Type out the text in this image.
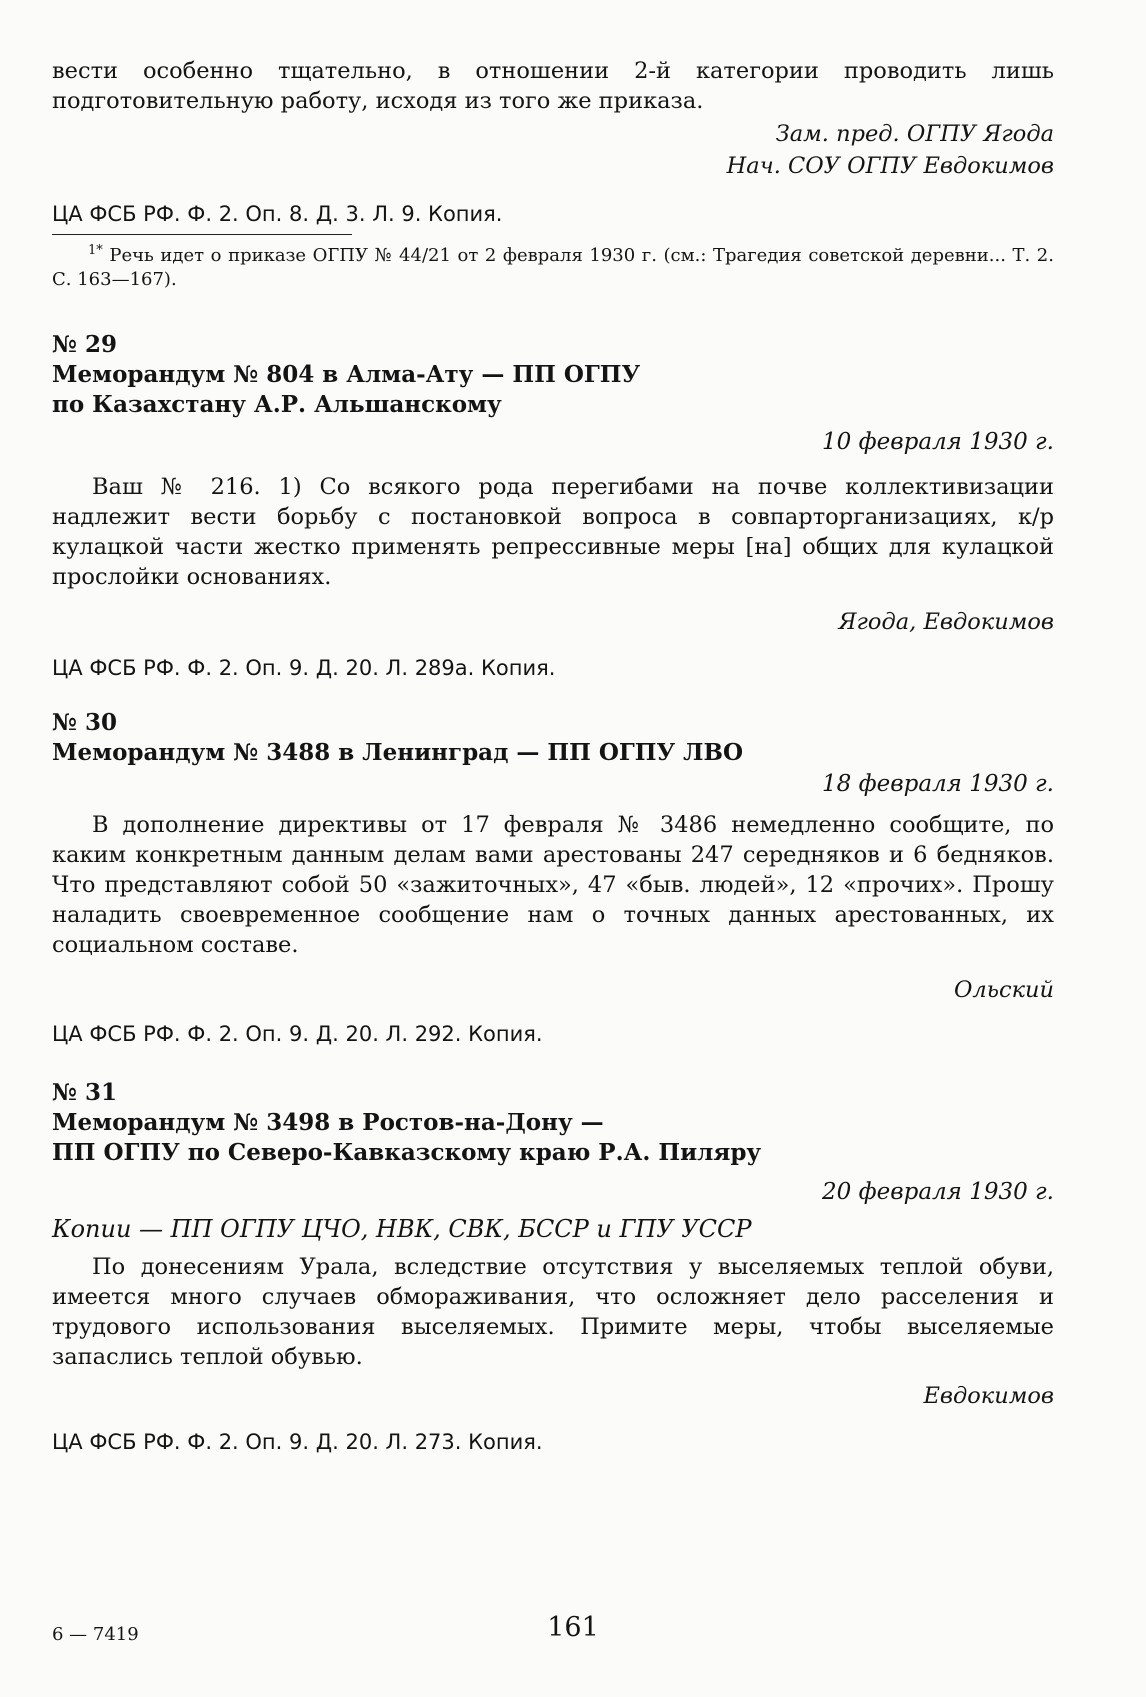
вести особенно тщательно, в отношении 2-й категории проводить лишь подготовительную работу, исходя из того же приказа.

Зам. пред. ОГПУ Ягода
Нач. СОУ ОГПУ Евдокимов
ЦА ФСБ РФ. Ф. 2. Оп. 8. Д. 3. Л. 9. Копия.

$^{1*}$ Речь идет о приказе ОГПУ № 44/21 от 2 февраля 1930 г. (см.: Трагедия советской деревни... Т. 2. С. 163—167).

№ 29
Меморандум № 804 в Алма-Ату — ПП ОГПУ
по Казахстану А.Р. Альшанскому
10 февраля 1930 г.

Ваш № 216. 1) Со всякого рода перегибами на почве коллективизации надлежит вести борьбу с постановкой вопроса в совпарторганизациях, к/р кулацкой части жестко применять репрессивные меры [на] общих для кулацкой прослойки основаниях.

Ягода, Евдокимов
ЦА ФСБ РФ. Ф. 2. Оп. 9. Д. 20. Л. 289а. Копия.
№ 30
Меморандум № 3488 в Ленинград — ПП ОГПУ ЛВО
18 февраля 1930 г.

В дополнение директивы от 17 февраля № 3486 немедленно сообщите, по каким конкретным данным делам вами арестованы 247 середняков и 6 бедняков. Что представляют собой 50 «зажиточных», 47 «быв. людей», 12 «прочих». Прошу наладить своевременное сообщение нам о точных данных арестованных, их социальном составе.

Ольский
ЦА ФСБ РФ. Ф. 2. Оп. 9. Д. 20. Л. 292. Копия.
№ 31
Меморандум № 3498 в Ростов-на-Дону —
ПП ОГПУ по Северо-Кавказскому краю Р.А. Пиляру
20 февраля 1930 г.
Копии — ПП ОГПУ ЦЧО, НВК, СВК, БССР и ГПУ УССР

По донесениям Урала, вследствие отсутствия у выселяемых теплой обуви, имеется много случаев обмораживания, что осложняет дело расселения и трудового использования выселяемых. Примите меры, чтобы выселяемые запаслись теплой обувью.

Евдокимов
ЦА ФСБ РФ. Ф. 2. Оп. 9. Д. 20. Л. 273. Копия.
6 — 7419	161
